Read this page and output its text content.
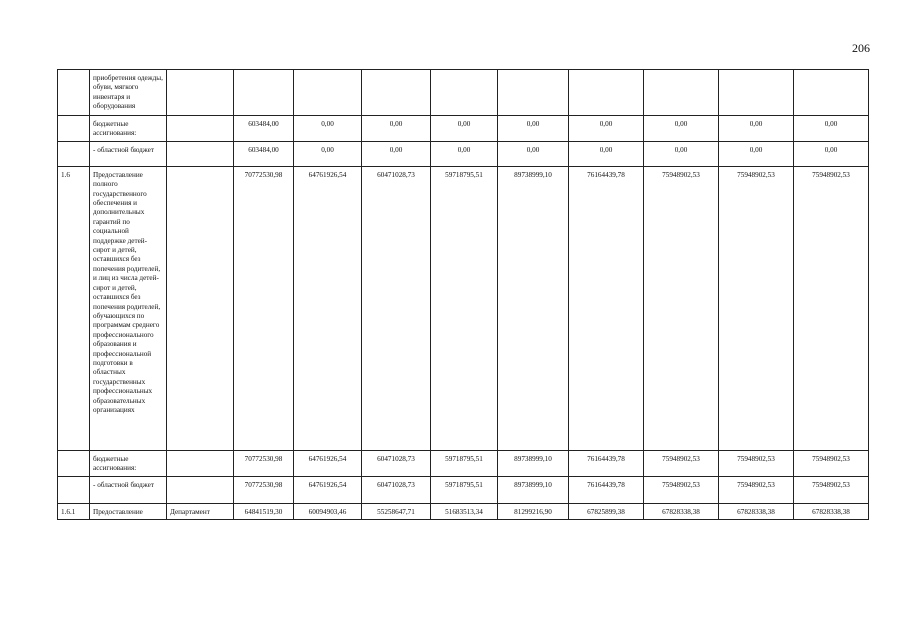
206
	приобретения одежды, обуви, мягкого инвентаря и оборудования										
	бюджетные ассигнования:		603484,00	0,00	0,00	0,00	0,00	0,00	0,00	0,00	0,00
	- областной бюджет		603484,00	0,00	0,00	0,00	0,00	0,00	0,00	0,00	0,00
1.6	Предоставление полного государственного обеспечения и дополнительных гарантий по социальной поддержке детей-сирот и детей, оставшихся без попечения родителей, и лиц из числа детей-сирот и детей, оставшихся без попечения родителей, обучающихся по программам среднего профессионального образования и профессиональной подготовки в областных государственных профессиональных образовательных организациях		70772530,98	64761926,54	60471028,73	59718795,51	89738999,10	76164439,78	75948902,53	75948902,53	75948902,53
	бюджетные ассигнования:		70772530,98	64761926,54	60471028,73	59718795,51	89738999,10	76164439,78	75948902,53	75948902,53	75948902,53
	- областной бюджет		70772530,98	64761926,54	60471028,73	59718795,51	89738999,10	76164439,78	75948902,53	75948902,53	75948902,53
1.6.1	Предоставление	Департамент	64841519,30	60094903,46	55258647,71	51683513,34	81299216,90	67825899,38	67828338,38	67828338,38	67828338,38
